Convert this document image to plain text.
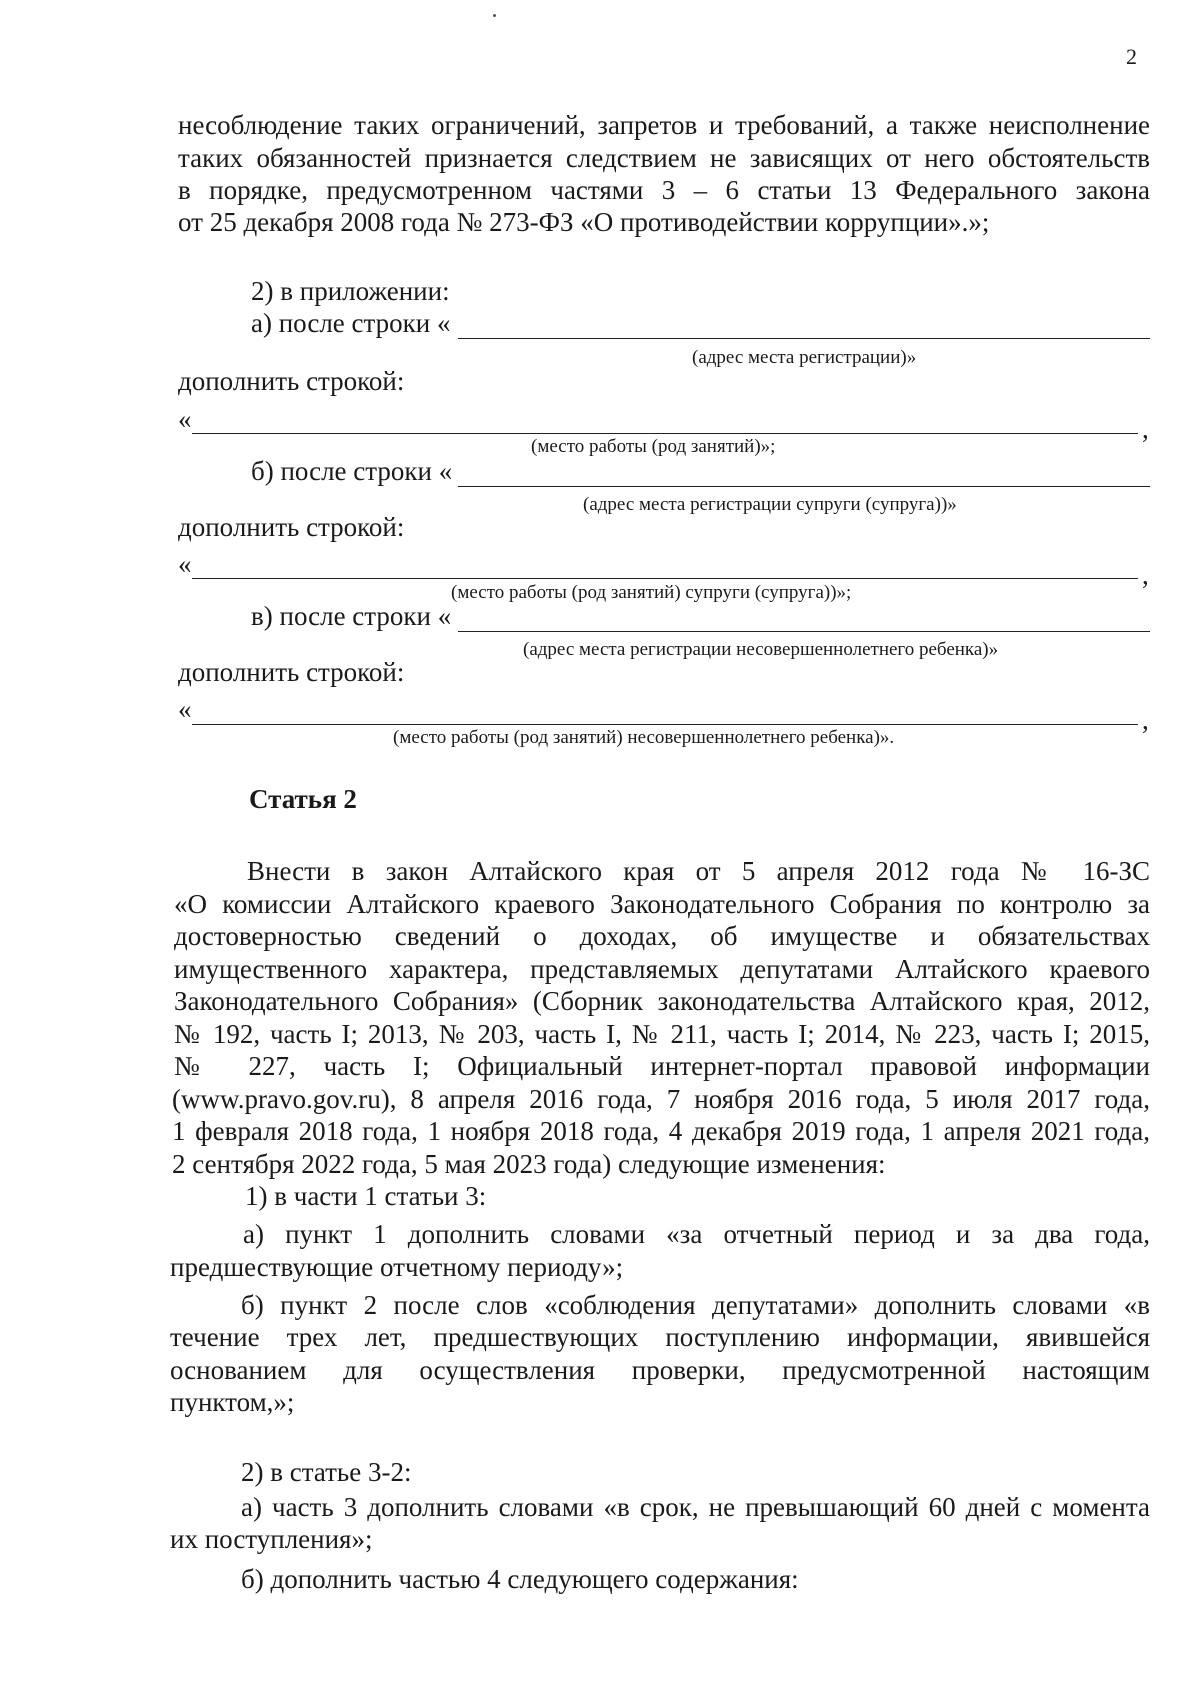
2

несоблюдение таких ограничений, запретов и требований, а также неисполнение

таких обязанностей признается следствием не зависящих от него обстоятельств

в порядке, предусмотренном частями 3 – 6 статьи 13 Федерального закона

от 25 декабря 2008 года № 273-ФЗ «О противодействии коррупции».»;

2) в приложении:

а) после строки «

(адрес места регистрации)»

дополнить строкой:

«	,

(место работы (род занятий)»;

б) после строки «

(адрес места регистрации супруги (супруга))»

дополнить строкой:

«	,

(место работы (род занятий) супруги (супруга))»;

в) после строки «

(адрес места регистрации несовершеннолетнего ребенка)»

дополнить строкой:

«	,

(место работы (род занятий) несовершеннолетнего ребенка)».

Статья 2

Внести в закон Алтайского края от 5 апреля 2012 года № 16-ЗС

«О комиссии Алтайского краевого Законодательного Собрания по контролю за

достоверностью сведений о доходах, об имуществе и обязательствах

имущественного характера, представляемых депутатами Алтайского краевого

Законодательного Собрания» (Сборник законодательства Алтайского края, 2012,

№ 192, часть I; 2013, № 203, часть I, № 211, часть I; 2014, № 223, часть I; 2015,

№ 227, часть I; Официальный интернет-портал правовой информации

(www.pravo.gov.ru), 8 апреля 2016 года, 7 ноября 2016 года, 5 июля 2017 года,

1 февраля 2018 года, 1 ноября 2018 года, 4 декабря 2019 года, 1 апреля 2021 года,

2 сентября 2022 года, 5 мая 2023 года) следующие изменения:

1) в части 1 статьи 3:

а) пункт 1 дополнить словами «за отчетный период и за два года,

предшествующие отчетному периоду»;

б) пункт 2 после слов «соблюдения депутатами» дополнить словами «в

течение трех лет, предшествующих поступлению информации, явившейся

основанием для осуществления проверки, предусмотренной настоящим

пунктом,»;

2) в статье 3-2:

а) часть 3 дополнить словами «в срок, не превышающий 60 дней с момента

их поступления»;

б) дополнить частью 4 следующего содержания:
